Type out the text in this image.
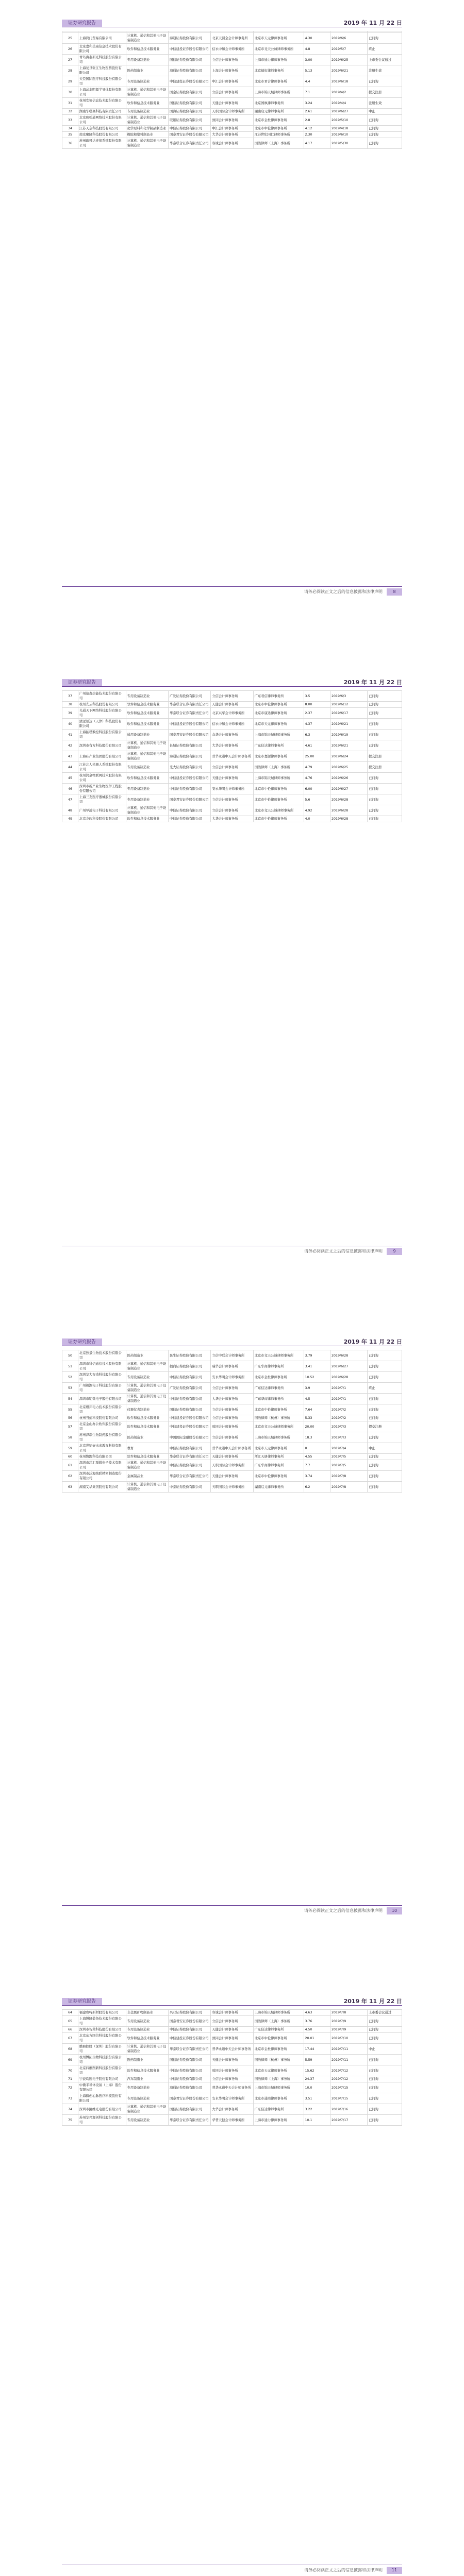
证券研究报告	2019 年 11 月 22 日

25	上海鸿门贸易有限公司	计算机、通信和其他电子设备制造业	海通证券股份有限公司	北京天圆全会计师事务所	北京市天元律师事务所	4.30	2019/6/6	已问询
26	北京嘉和美康信息技术股份有限公司	软件和信息技术服务业	中信建投证券股份有限公司	信永中和会计师事务所	北京市竞天公诚律师事务所	4.8	2019/5/7	终止
27	青岛海泰新光科技股份有限公司	专用设备制造业	国信证券股份有限公司	立信会计师事务所	上海市通力律师事务所	3.00	2019/6/25	上市委会议通过
28	上海复旦张江生物医药股份有限公司	医药制造业	海通证券股份有限公司	上海会计师事务所	北京德恒律师事务所	5.13	2019/6/21	注册生效
29	天臣国际医疗科技股份有限公司	专用设备制造业	中信建投证券股份有限公司	中汇会计师事务所	北京市君合律师事务所	4.4	2019/6/18	已问询
30	上海晶丰明源半导体股份有限公司	计算机、通信和其他电子设备制造业	国金证券股份有限公司	立信会计师事务所	上海市锦天城律师事务所	7.1	2019/4/2	提交注册
31	杭州安恒信息技术股份有限公司	软件和信息技术服务业	国信证券股份有限公司	天健会计师事务所	北京国枫律师事务所	3.24	2019/4/4	注册生效
32	湖南华曙高科技有限责任公司	专用设备制造业	国海证券股份有限公司	天职国际会计师事务所	湖南启元律师事务所	2.61	2019/6/27	中止
33	北京映翰通网络技术股份有限公司	计算机、通信和其他电子设备制造业	联讯证券股份有限公司	致同会计师事务所	北京市金杜律师事务所	2.8	2019/5/10	已问询
34	江苏天奈科技股份有限公司	化学原料和化学制品制造业	中信证券股份有限公司	中汇会计师事务所	北京市中伦律师事务所	4.12	2019/4/18	已问询
35	南京聚隆科技股份有限公司	橡胶和塑料制品业	国泰君安证券股份有限公司	大华会计师事务所	江苏世纪同仁律师事务所	2.30	2019/6/10	已问询
36	苏州瑞可达连接系统股份有限公司	计算机、通信和其他电子设备制造业	华泰联合证券有限责任公司	容诚会计师事务所	国浩律师（上海）事务所	4.17	2019/5/30	已问询
请务必阅读正文之后的信息披露和法律声明	8
证券研究报告	2019 年 11 月 22 日
37	广州迪森热能技术股份有限公司	专用设备制造业	广发证券股份有限公司	立信会计师事务所	广东君信律师事务所	3.5	2019/6/3	已问询
38	杭州光云科技股份有限公司	软件和信息技术服务业	华泰联合证券有限责任公司	天健会计师事务所	北京市中伦律师事务所	8.00	2019/6/12	已问询
39	光通天下网络科技股份有限公司	软件和信息技术服务业	华泰联合证券有限责任公司	北京兴华会计师事务所	北京市康达律师事务所	2.37	2019/6/17	已问询
40	清远讯达（天津）科技股份有限公司	软件和信息技术服务业	中信建投证券股份有限公司	信永中和会计师事务所	北京市天元律师事务所	4.37	2019/6/21	已问询
41	上海拓璞数控科技股份有限公司	通用设备制造业	国泰君安证券股份有限公司	众华会计师事务所	上海市锦天城律师事务所	6.3	2019/6/19	已问询
42	深圳市有方科技股份有限公司	计算机、通信和其他电子设备制造业	长城证券股份有限公司	大华会计师事务所	广东信达律师事务所	4.61	2019/6/21	已问询
43	上海硅产业集团股份有限公司	计算机、通信和其他电子设备制造业	海通证券股份有限公司	普华永道中天会计师事务所	北京市嘉源律师事务所	25.00	2019/6/24	提交注册
44	江苏北人机器人系统股份有限公司	专用设备制造业	光大证券股份有限公司	立信会计师事务所	国浩律师（上海）事务所	4.79	2019/6/25	提交注册
45	杭州鸿泉物联网技术股份有限公司	软件和信息技术服务业	中信建投证券股份有限公司	天健会计师事务所	上海市锦天城律师事务所	4.76	2019/6/26	已问询
46	深圳市新产业生物医学工程股份有限公司	专用设备制造业	中信证券股份有限公司	安永华明会计师事务所	北京市中伦律师事务所	6.00	2019/6/27	已问询
47	上海三友医疗器械股份有限公司	专用设备制造业	国泰君安证券股份有限公司	立信会计师事务所	北京市中伦律师事务所	5.6	2019/6/28	已问询
48	广州导远电子科技有限公司	计算机、通信和其他电子设备制造业	中信证券股份有限公司	立信会计师事务所	北京市竞天公诚律师事务所	4.92	2019/6/28	已问询
49	北京龙软科技股份有限公司	软件和信息技术服务业	中信证券股份有限公司	大华会计师事务所	北京市中伦律师事务所	4.0	2019/6/28	已问询
请务必阅读正文之后的信息披露和法律声明	9
证券研究报告	2019 年 11 月 22 日
50	北京热景生物技术股份有限公司	医药制造业	民生证券股份有限公司	立信中联会计师事务所	北京市竞天公诚律师事务所	3.79	2019/6/28	已问询
51	深圳市科信通信技术股份有限公司	计算机、通信和其他电子设备制造业	招商证券股份有限公司	瑞华会计师事务所	广东华商律师事务所	3.41	2019/6/27	已问询
52	深圳华大智造科技股份有限公司	专用设备制造业	中信证券股份有限公司	安永华明会计师事务所	北京市金杜律师事务所	10.52	2019/6/28	已问询
53	广州视源电子科技股份有限公司	计算机、通信和其他电子设备制造业	广发证券股份有限公司	立信会计师事务所	广东信达律师事务所	3.9	2019/7/1	终止
54	深圳市明微电子股份有限公司	计算机、通信和其他电子设备制造业	中信证券股份有限公司	大华会计师事务所	广东华商律师事务所	4.5	2019/7/1	已问询
55	北京煜邦电力技术股份有限公司	仪器仪表制造业	国信证券股份有限公司	立信会计师事务所	北京市中伦律师事务所	7.64	2019/7/2	已问询
56	杭州当虹科技股份有限公司	软件和信息技术服务业	中信建投证券股份有限公司	立信会计师事务所	国浩律师（杭州）事务所	5.33	2019/7/2	已问询
57	北京金山办公软件股份有限公司	软件和信息技术服务业	中信建投证券股份有限公司	致同会计师事务所	北京市竞天公诚律师事务所	20.00	2019/7/3	提交注册
58	苏州泽璟生物制药股份有限公司	医药制造业	中国国际金融股份有限公司	立信会计师事务所	上海市锦天城律师事务所	18.3	2019/7/3	已问询
59	北京世纪好未来教育科技有限公司	教育	中信证券股份有限公司	普华永道中天会计师事务所	北京市天元律师事务所	0	2019/7/4	中止
60	杭州数跑科技有限公司	软件和信息技术服务业	华泰联合证券有限责任公司	天健会计师事务所	浙江天册律师事务所	4.55	2019/7/5	已问询
61	深圳市芯汇群微电子技术有限公司	计算机、通信和其他电子设备制造业	中信证券股份有限公司	天职国际会计师事务所	广东华商律师事务所	7.7	2019/7/5	已问询
62	深圳市泛海统联精密制造股份有限公司	金属制品业	华泰联合证券有限责任公司	天健会计师事务所	北京市中伦律师事务所	3.74	2019/7/8	已问询
63	湖南艾华集团股份有限公司	计算机、通信和其他电子设备制造业	中泰证券股份有限公司	天职国际会计师事务所	湖南启元律师事务所	6.2	2019/7/8	已问询
请务必阅读正文之后的信息披露和法律声明	10
证券研究报告	2019 年 11 月 22 日
64	福建赛特新材股份有限公司	非金属矿物制品业	兴业证券股份有限公司	容诚会计师事务所	上海市锦天城律师事务所	4.63	2019/7/8	上市委会议通过
65	上海博隆装备技术股份有限公司	专用设备制造业	国泰君安证券股份有限公司	立信会计师事务所	国浩律师（上海）事务所	3.76	2019/7/9	已问询
66	深圳市智莱科技股份有限公司	专用设备制造业	中信证券股份有限公司	天健会计师事务所	广东信达律师事务所	4.50	2019/7/9	已问询
67	北京东方国信科技股份有限公司	软件和信息技术服务业	中信建投证券股份有限公司	致同会计师事务所	北京市中伦律师事务所	20.01	2019/7/10	已问询
68	鹏鼎控股（深圳）股份有限公司	计算机、通信和其他电子设备制造业	华泰联合证券有限责任公司	普华永道中天会计师事务所	北京市金杜律师事务所	17.44	2019/7/11	中止
69	杭州博拓生物科技股份有限公司	医药制造业	国信证券股份有限公司	天健会计师事务所	国浩律师（杭州）事务所	5.59	2019/7/11	已问询
70	北京四维图新科技股份有限公司	软件和信息技术服务业	中信证券股份有限公司	致同会计师事务所	北京市天元律师事务所	15.62	2019/7/12	已问询
71	宁波均胜电子股份有限公司	汽车制造业	中信证券股份有限公司	立信会计师事务所	国浩律师（上海）事务所	24.37	2019/7/12	已问询
72	中微半导体设备（上海）股份有限公司	专用设备制造业	海通证券股份有限公司	普华永道中天会计师事务所	上海市锦天城律师事务所	10.0	2019/7/15	已问询
73	上海微创心脉医疗科技股份有限公司	专用设备制造业	国泰君安证券股份有限公司	安永华明会计师事务所	北京市通商律师事务所	3.51	2019/7/15	已问询
74	深圳市路维光电股份有限公司	计算机、通信和其他电子设备制造业	国信证券股份有限公司	大华会计师事务所	广东信达律师事务所	3.22	2019/7/16	已问询
75	苏州华兴源创科技股份有限公司	专用设备制造业	华泰联合证券有限责任公司	华普天健会计师事务所	上海市通力律师事务所	10.1	2019/7/17	已问询
请务必阅读正文之后的信息披露和法律声明	11
